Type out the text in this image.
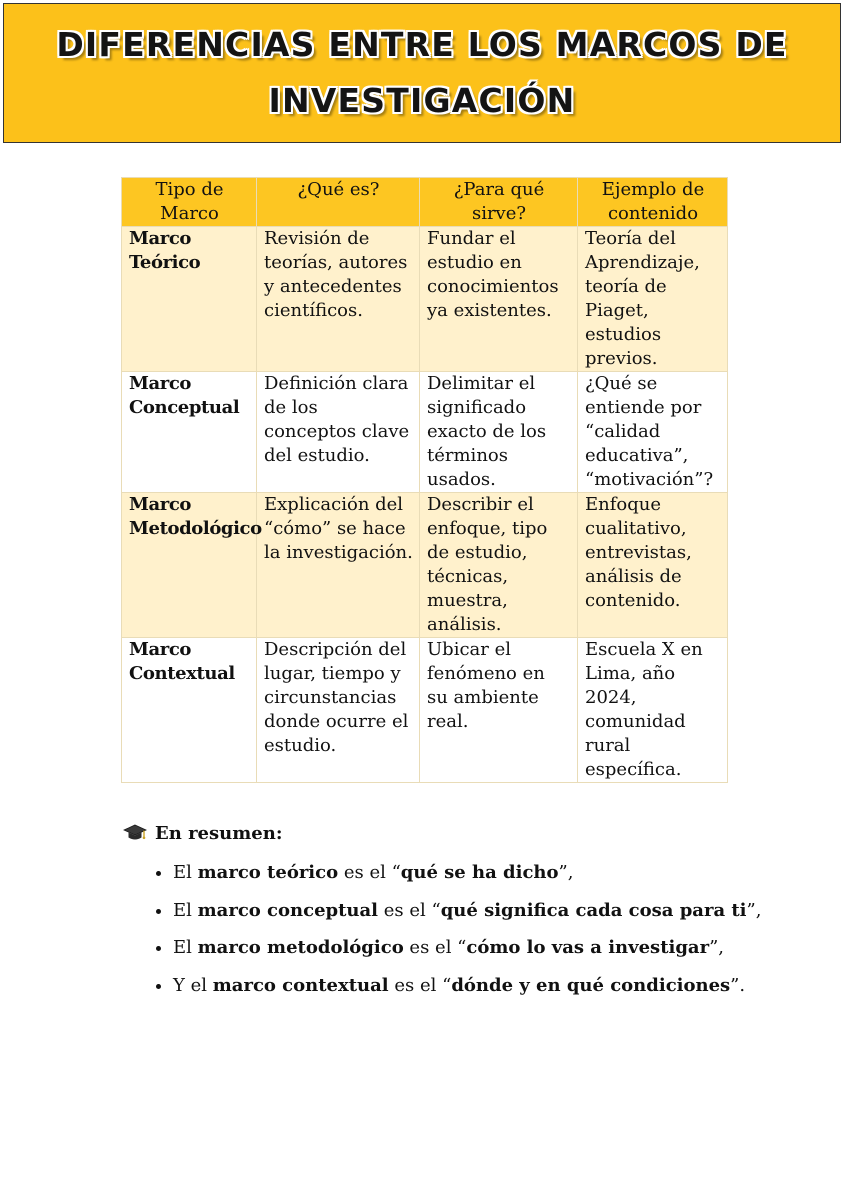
DIFERENCIAS ENTRE LOS MARCOS DE
INVESTIGACIÓN
Tipo de Marco	¿Qué es?	¿Para qué sirve?	Ejemplo de contenido
Marco Teórico	Revisión de teorías, autores y antecedentes científicos.	Fundar el estudio en conocimientos ya existentes.	Teoría del Aprendizaje, teoría de Piaget, estudios previos.
Marco Conceptual	Definición clara de los conceptos clave del estudio.	Delimitar el significado exacto de los términos usados.	¿Qué se entiende por “calidad educativa”, “motivación”?
Marco Metodológico	Explicación del “cómo” se hace la investigación.	Describir el enfoque, tipo de estudio, técnicas, muestra, análisis.	Enfoque cualitativo, entrevistas, análisis de contenido.
Marco Contextual	Descripción del lugar, tiempo y circunstancias donde ocurre el estudio.	Ubicar el fenómeno en su ambiente real.	Escuela X en Lima, año 2024, comunidad rural específica.
En resumen:
• El marco teórico es el “qué se ha dicho”,
• El marco conceptual es el “qué significa cada cosa para ti”,
• El marco metodológico es el “cómo lo vas a investigar”,
• Y el marco contextual es el “dónde y en qué condiciones”.
